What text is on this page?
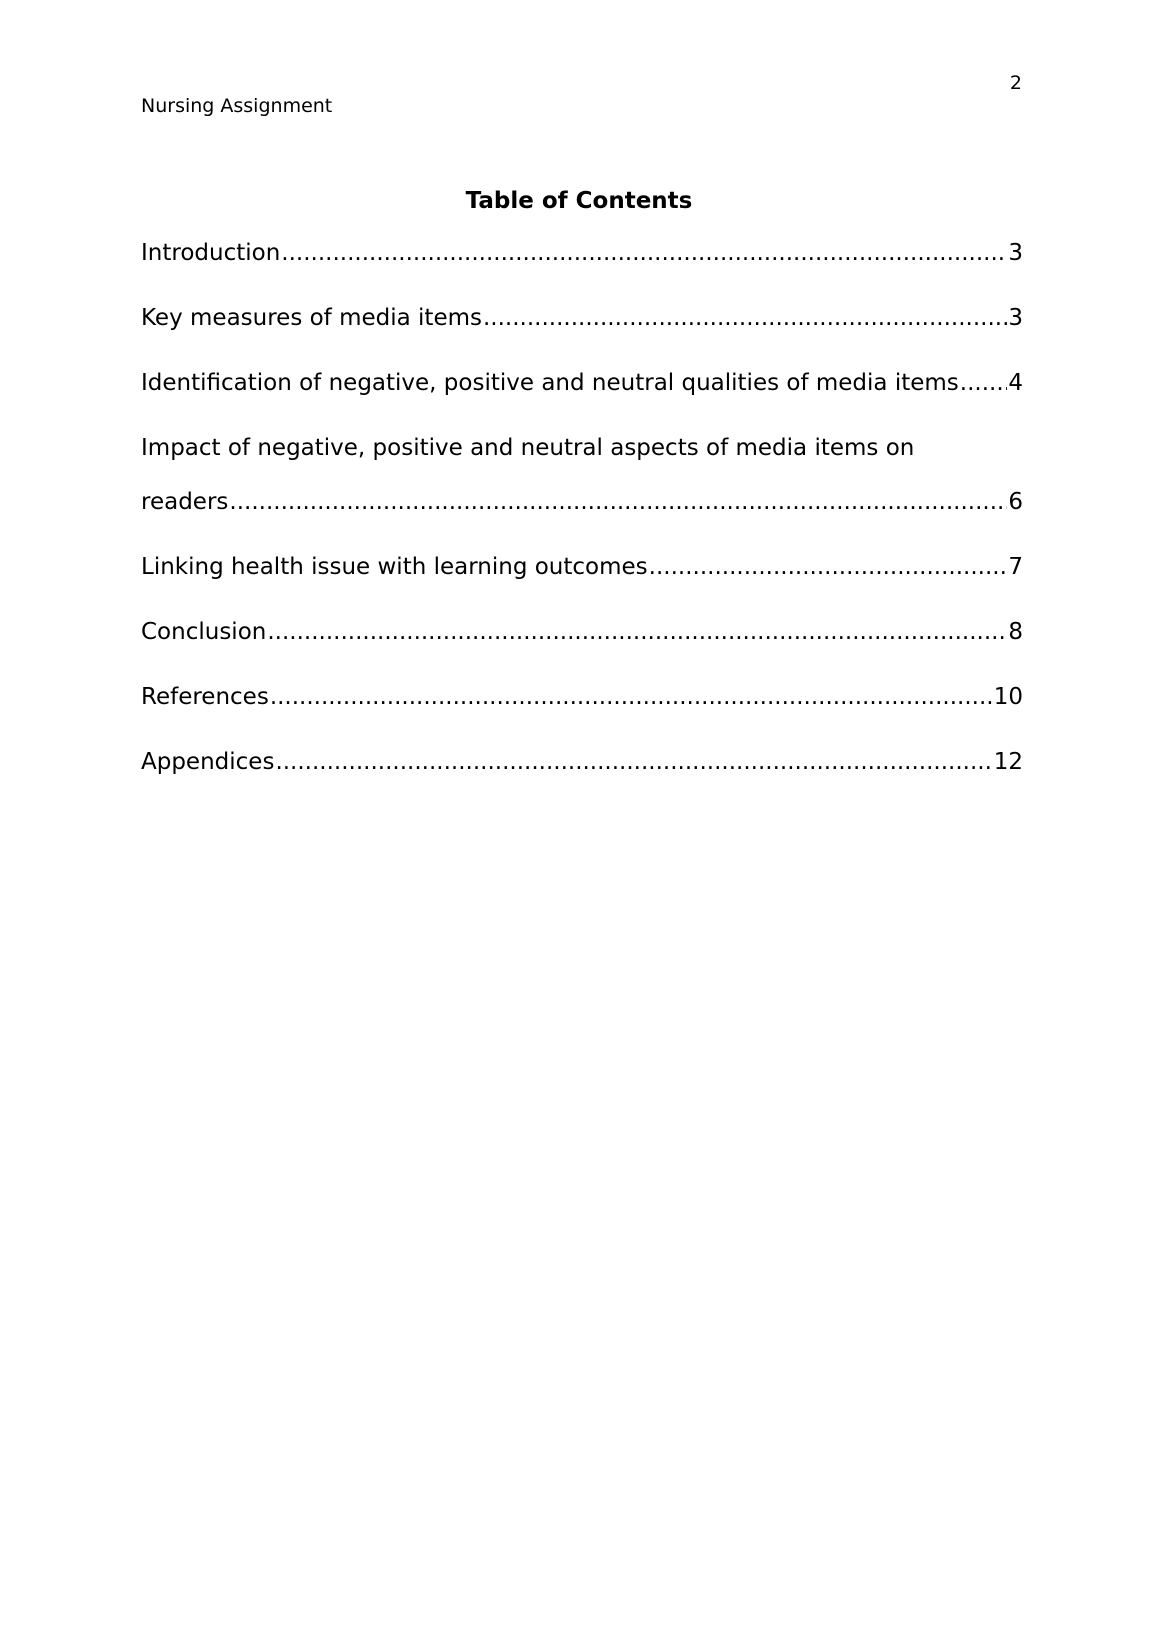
2
Nursing Assignment
Table of Contents
Introduction .....	3
Key measures of media items .....	3
Identification of negative, positive and neutral qualities of media items ..... 4
Impact of negative, positive and neutral aspects of media items on
readers .....	6
Linking health issue with learning outcomes .....	7
Conclusion .....	8
References .....	10
Appendices .....	12
